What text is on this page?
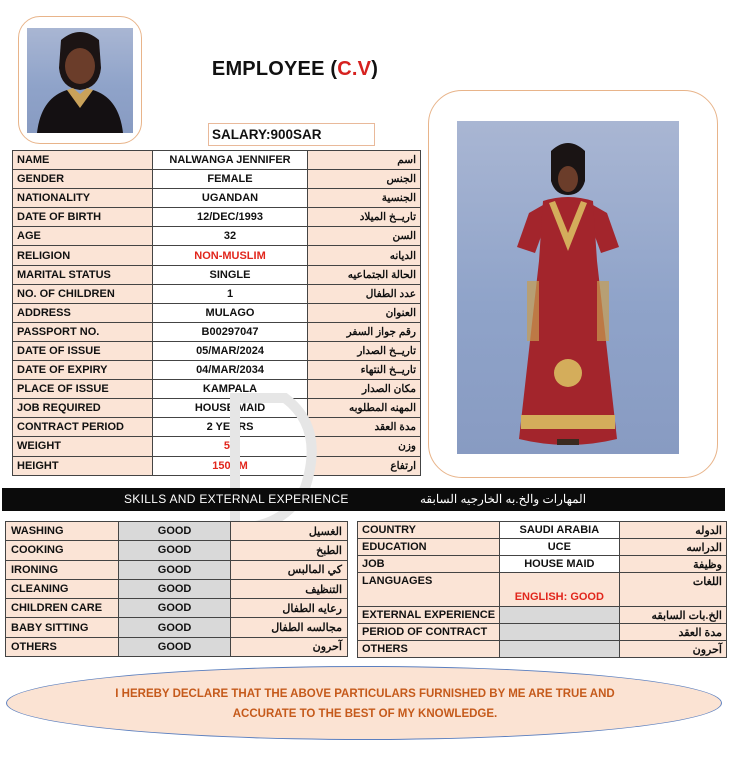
EMPLOYEE (C.V)
SALARY:900SAR
NAME	NALWANGA JENNIFER	اسم
GENDER	FEMALE	الجنس
NATIONALITY	UGANDAN	الجنسية
DATE OF BIRTH	12/DEC/1993	تاريــخ الميلاد
AGE	32	السن
RELIGION	NON-MUSLIM	الديانه
MARITAL STATUS	SINGLE	الحالة الجتماعيه
NO. OF CHILDREN	1	عدد الطفال
ADDRESS	MULAGO	العنوان
PASSPORT NO.	B00297047	رقم جواز السفر
DATE OF ISSUE	05/MAR/2024	تاريــخ الصدار
DATE OF EXPIRY	04/MAR/2034	تاريــخ النتهاء
PLACE OF ISSUE	KAMPALA	مكان الصدار
JOB REQUIRED	HOUSE MAID	المهنه المطلوبه
CONTRACT PERIOD	2 YEARS	مدة العقد
WEIGHT	57	وزن
HEIGHT	150CM	ارتفاع
SKILLS AND EXTERNAL EXPERIENCE	المهارات والخ.به الخارجيه السابقه
WASHING	GOOD	الغسيل
COOKING	GOOD	الطبخ
IRONING	GOOD	كي المالبس
CLEANING	GOOD	التنظيف
CHILDREN CARE	GOOD	رعايه الطفال
BABY SITTING	GOOD	مجالسه الطفال
OTHERS	GOOD	آحرون
COUNTRY	SAUDI ARABIA	الدوله
EDUCATION	UCE	الدراسه
JOB	HOUSE MAID	وظيفة
LANGUAGES	ENGLISH: GOOD	اللغات
EXTERNAL EXPERIENCE		الخ.بات السابقه
PERIOD OF CONTRACT		مدة العقد
OTHERS		آحرون
I HEREBY DECLARE THAT THE ABOVE PARTICULARS FURNISHED BY ME ARE TRUE AND
ACCURATE TO THE BEST OF MY KNOWLEDGE.
